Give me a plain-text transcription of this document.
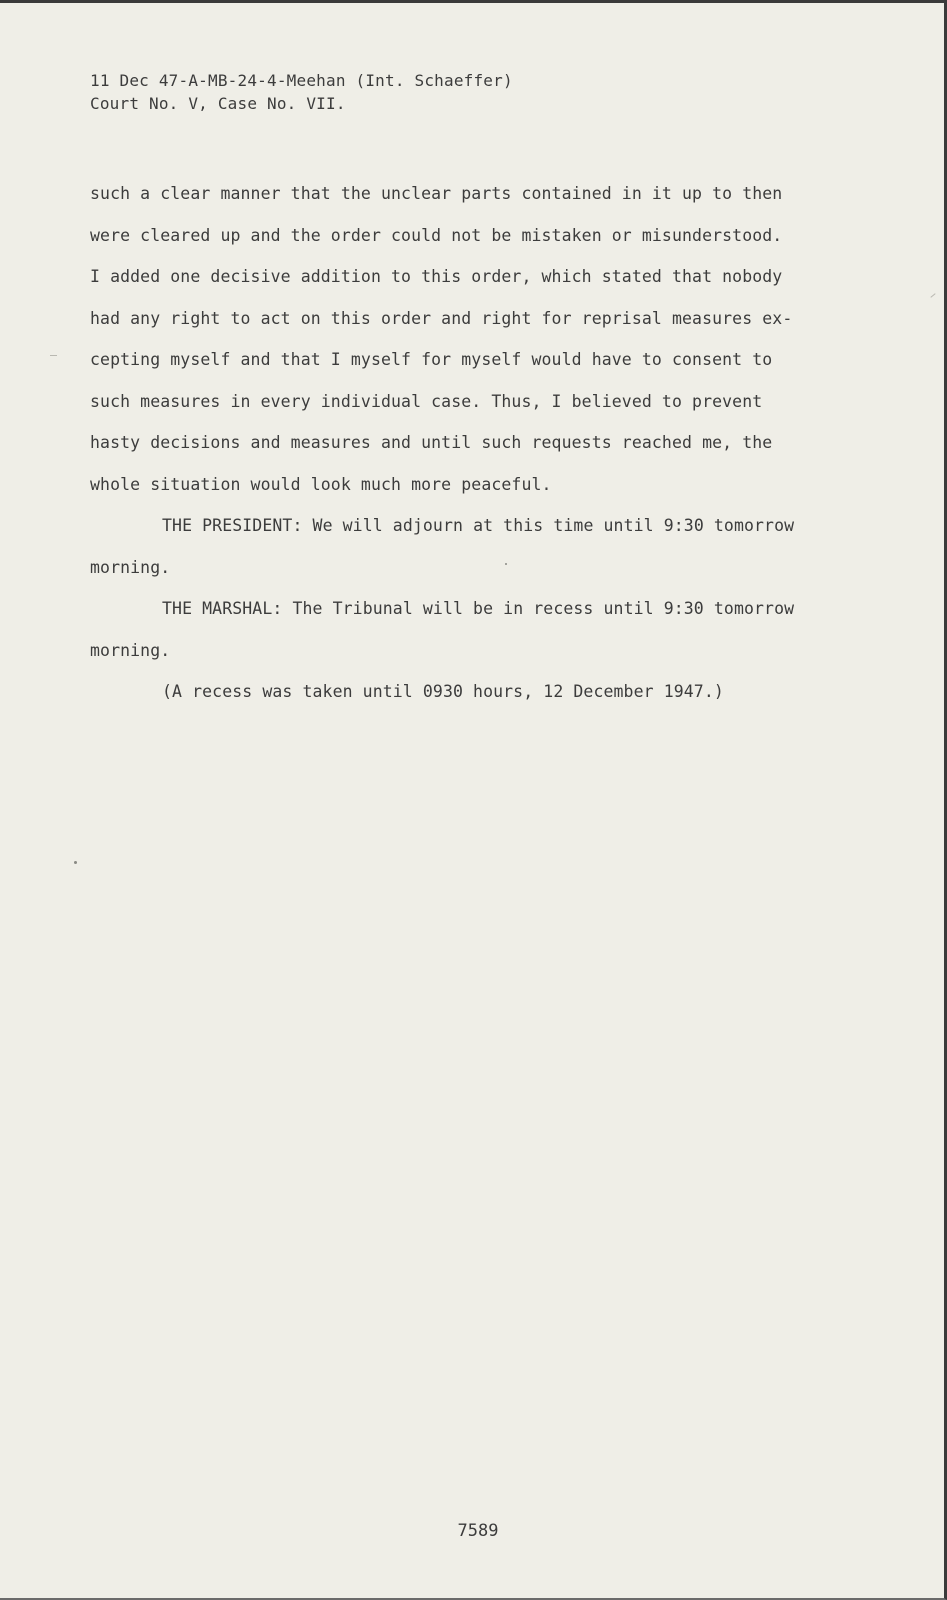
11 Dec 47-A-MB-24-4-Meehan (Int. Schaeffer)
Court No. V, Case No. VII.
such a clear manner that the unclear parts contained in it up to then
were cleared up and the order could not be mistaken or misunderstood.
I added one decisive addition to this order, which stated that nobody
had any right to act on this order and right for reprisal measures ex-
cepting myself and that I myself for myself would have to consent to
such measures in every individual case. Thus, I believed to prevent
hasty decisions and measures and until such requests reached me, the
whole situation would look much more peaceful.
THE PRESIDENT: We will adjourn at this time until 9:30 tomorrow
morning.
THE MARSHAL: The Tribunal will be in recess until 9:30 tomorrow
morning.
(A recess was taken until 0930 hours, 12 December 1947.)
7589
